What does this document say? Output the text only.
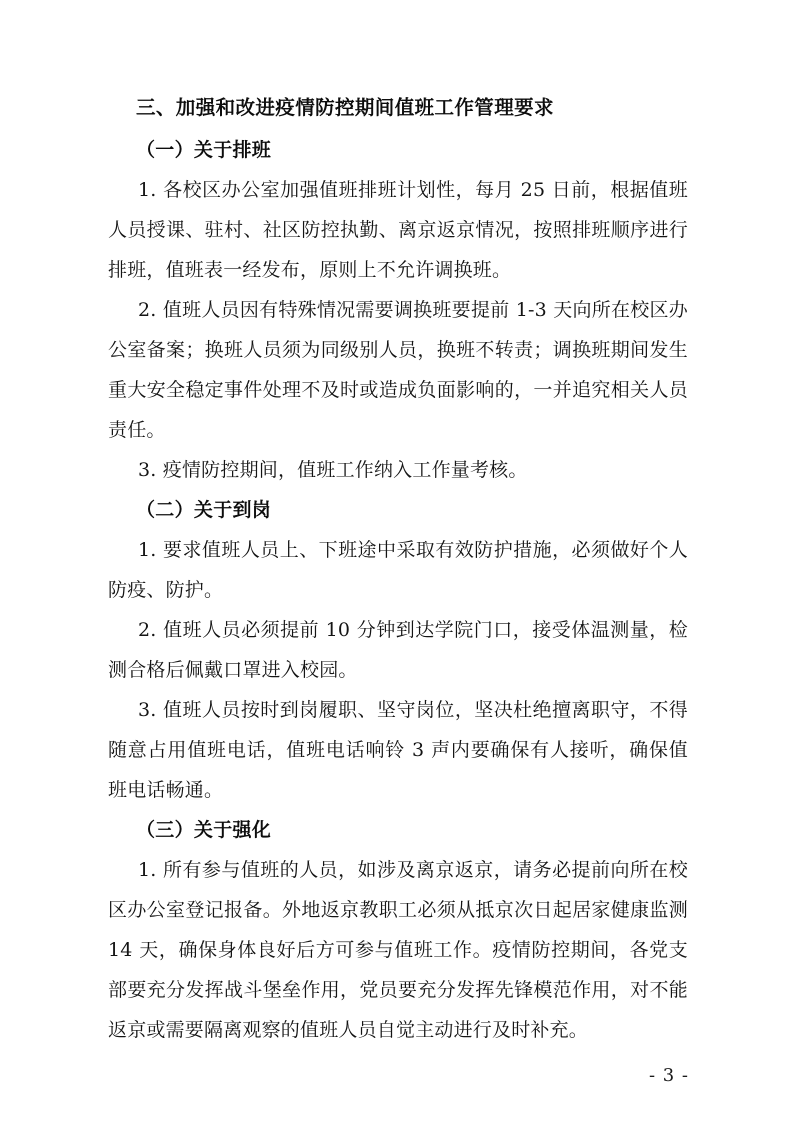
三、加强和改进疫情防控期间值班工作管理要求
（一）关于排班

1. 各校区办公室加强值班排班计划性，每月 25 日前，根据值班人员授课、驻村、社区防控执勤、离京返京情况，按照排班顺序进行排班，值班表一经发布，原则上不允许调换班。

2. 值班人员因有特殊情况需要调换班要提前 1-3 天向所在校区办公室备案；换班人员须为同级别人员，换班不转责；调换班期间发生重大安全稳定事件处理不及时或造成负面影响的，一并追究相关人员责任。

3. 疫情防控期间，值班工作纳入工作量考核。

（二）关于到岗

1. 要求值班人员上、下班途中采取有效防护措施，必须做好个人防疫、防护。

2. 值班人员必须提前 10 分钟到达学院门口，接受体温测量，检测合格后佩戴口罩进入校园。

3. 值班人员按时到岗履职、坚守岗位，坚决杜绝擅离职守，不得随意占用值班电话，值班电话响铃 3 声内要确保有人接听，确保值班电话畅通。

（三）关于强化

1. 所有参与值班的人员，如涉及离京返京，请务必提前向所在校区办公室登记报备。外地返京教职工必须从抵京次日起居家健康监测 14 天，确保身体良好后方可参与值班工作。疫情防控期间，各党支部要充分发挥战斗堡垒作用，党员要充分发挥先锋模范作用，对不能返京或需要隔离观察的值班人员自觉主动进行及时补充。

- 3 -
